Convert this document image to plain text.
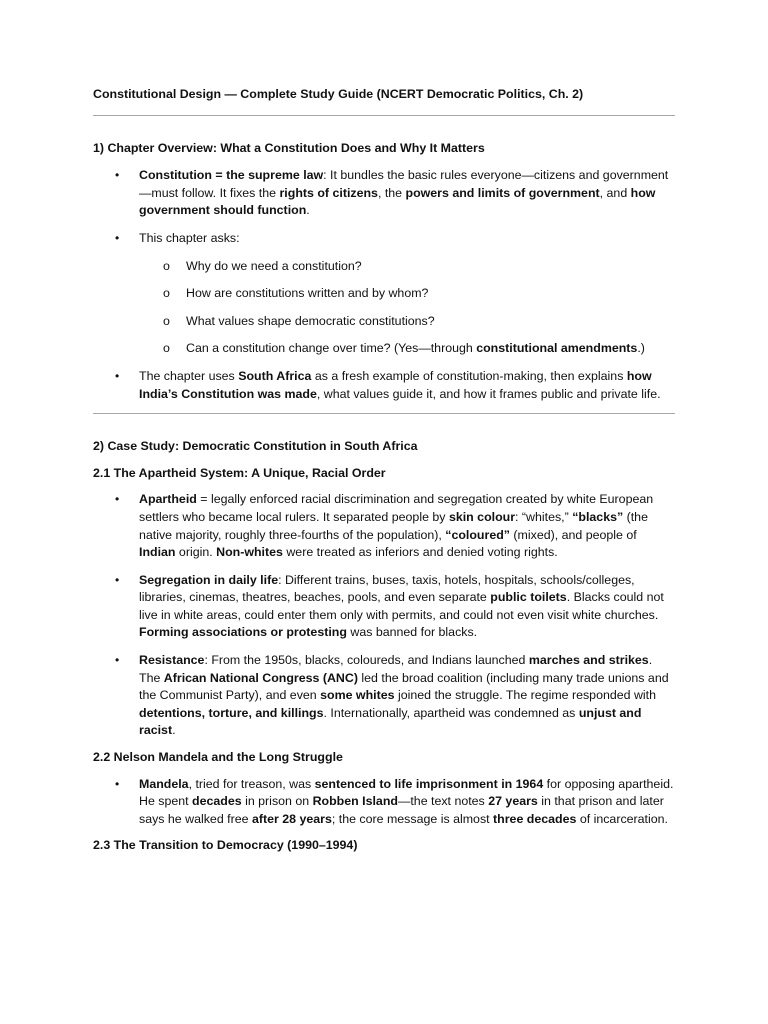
Constitutional Design — Complete Study Guide (NCERT Democratic Politics, Ch. 2)

1) Chapter Overview: What a Constitution Does and Why It Matters

• Constitution = the supreme law: It bundles the basic rules everyone—citizens and government—must follow. It fixes the rights of citizens, the powers and limits of government, and how government should function.
• This chapter asks:
o Why do we need a constitution?
o How are constitutions written and by whom?
o What values shape democratic constitutions?
o Can a constitution change over time? (Yes—through constitutional amendments.)
• The chapter uses South Africa as a fresh example of constitution-making, then explains how India’s Constitution was made, what values guide it, and how it frames public and private life.

2) Case Study: Democratic Constitution in South Africa

2.1 The Apartheid System: A Unique, Racial Order

• Apartheid = legally enforced racial discrimination and segregation created by white European settlers who became local rulers. It separated people by skin colour: “whites,” “blacks” (the native majority, roughly three-fourths of the population), “coloured” (mixed), and people of Indian origin. Non-whites were treated as inferiors and denied voting rights.
• Segregation in daily life: Different trains, buses, taxis, hotels, hospitals, schools/colleges, libraries, cinemas, theatres, beaches, pools, and even separate public toilets. Blacks could not live in white areas, could enter them only with permits, and could not even visit white churches. Forming associations or protesting was banned for blacks.
• Resistance: From the 1950s, blacks, coloureds, and Indians launched marches and strikes. The African National Congress (ANC) led the broad coalition (including many trade unions and the Communist Party), and even some whites joined the struggle. The regime responded with detentions, torture, and killings. Internationally, apartheid was condemned as unjust and racist.

2.2 Nelson Mandela and the Long Struggle

• Mandela, tried for treason, was sentenced to life imprisonment in 1964 for opposing apartheid. He spent decades in prison on Robben Island—the text notes 27 years in that prison and later says he walked free after 28 years; the core message is almost three decades of incarceration.

2.3 The Transition to Democracy (1990–1994)
